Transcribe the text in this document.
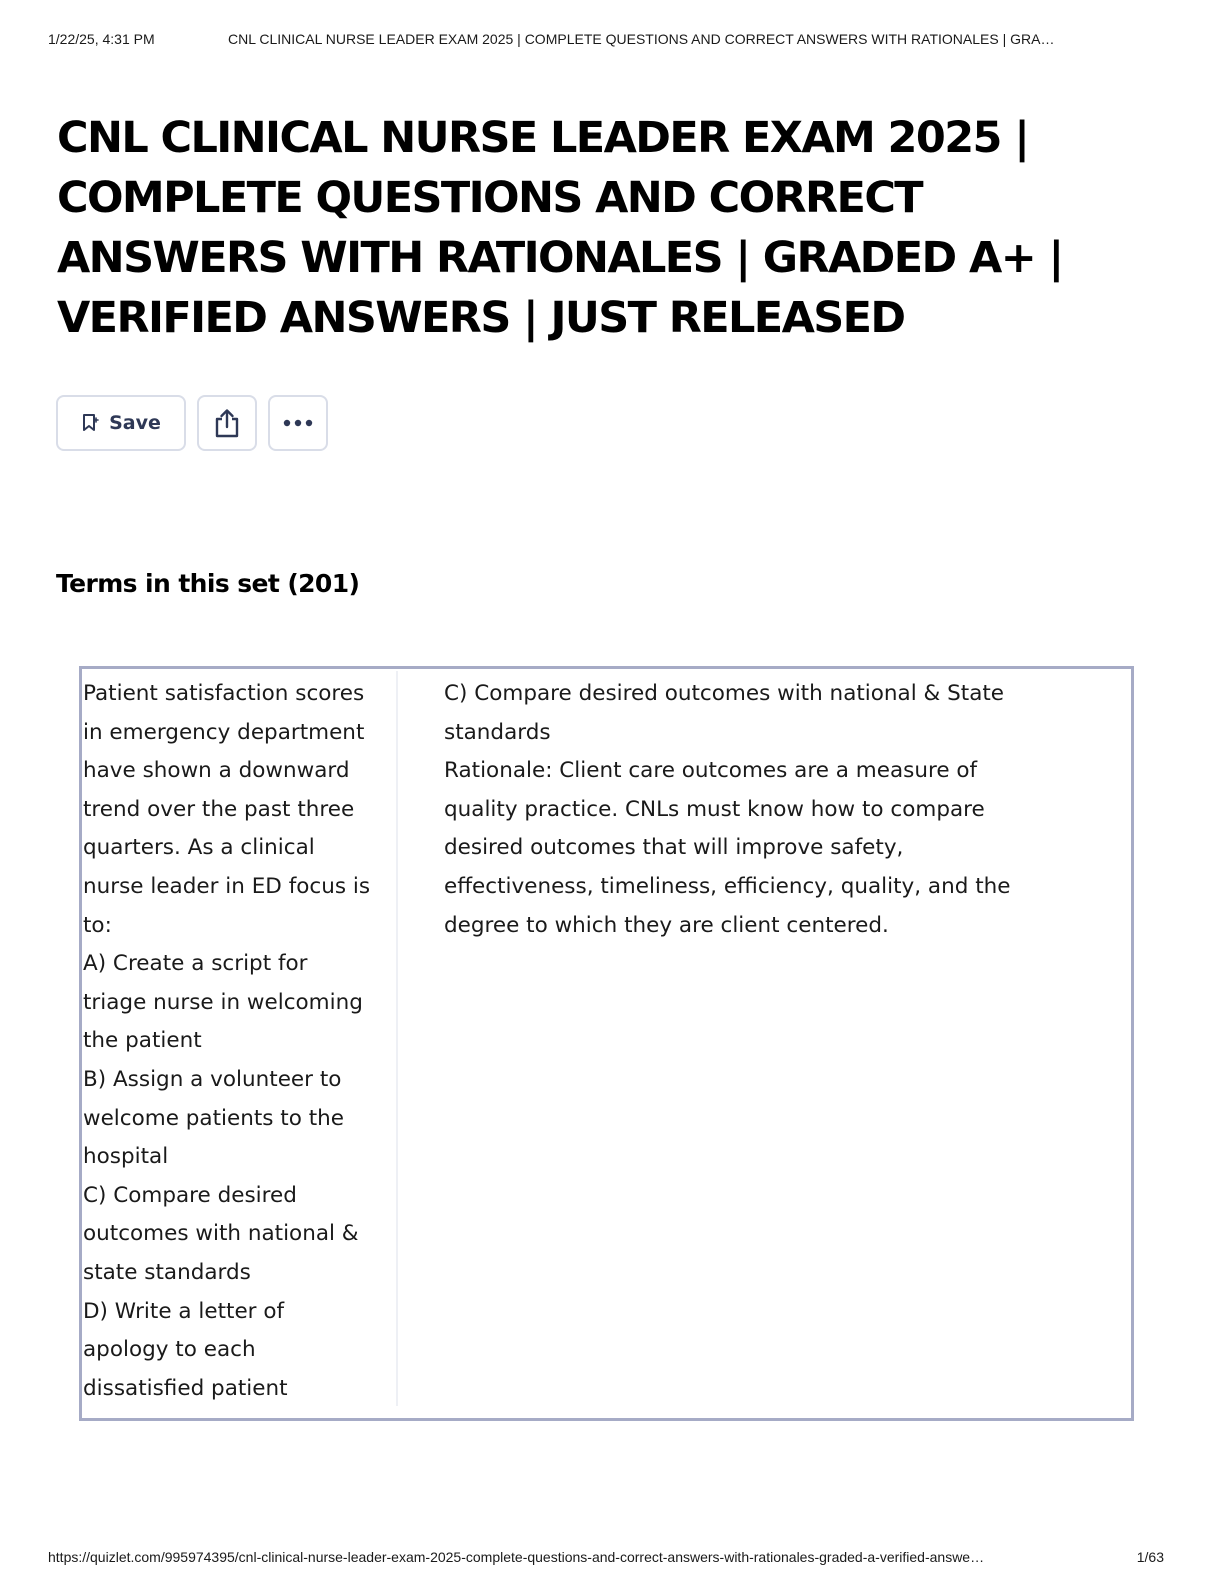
1/22/25, 4:31 PM	CNL CLINICAL NURSE LEADER EXAM 2025 | COMPLETE QUESTIONS AND CORRECT ANSWERS WITH RATIONALES | GRA…
CNL CLINICAL NURSE LEADER EXAM 2025 | COMPLETE QUESTIONS AND CORRECT ANSWERS WITH RATIONALES | GRADED A+ | VERIFIED ANSWERS | JUST RELEASED
Save
Terms in this set (201)
Patient satisfaction scores
in emergency department
have shown a downward
trend over the past three
quarters. As a clinical
nurse leader in ED focus is
to:
A) Create a script for
triage nurse in welcoming
the patient
B) Assign a volunteer to
welcome patients to the
hospital
C) Compare desired
outcomes with national &
state standards
D) Write a letter of
apology to each
dissatisfied patient
C) Compare desired outcomes with national & State
standards
Rationale: Client care outcomes are a measure of
quality practice. CNLs must know how to compare
desired outcomes that will improve safety,
effectiveness, timeliness, efficiency, quality, and the
degree to which they are client centered.
https://quizlet.com/995974395/cnl-clinical-nurse-leader-exam-2025-complete-questions-and-correct-answers-with-rationales-graded-a-verified-answe…	1/63
